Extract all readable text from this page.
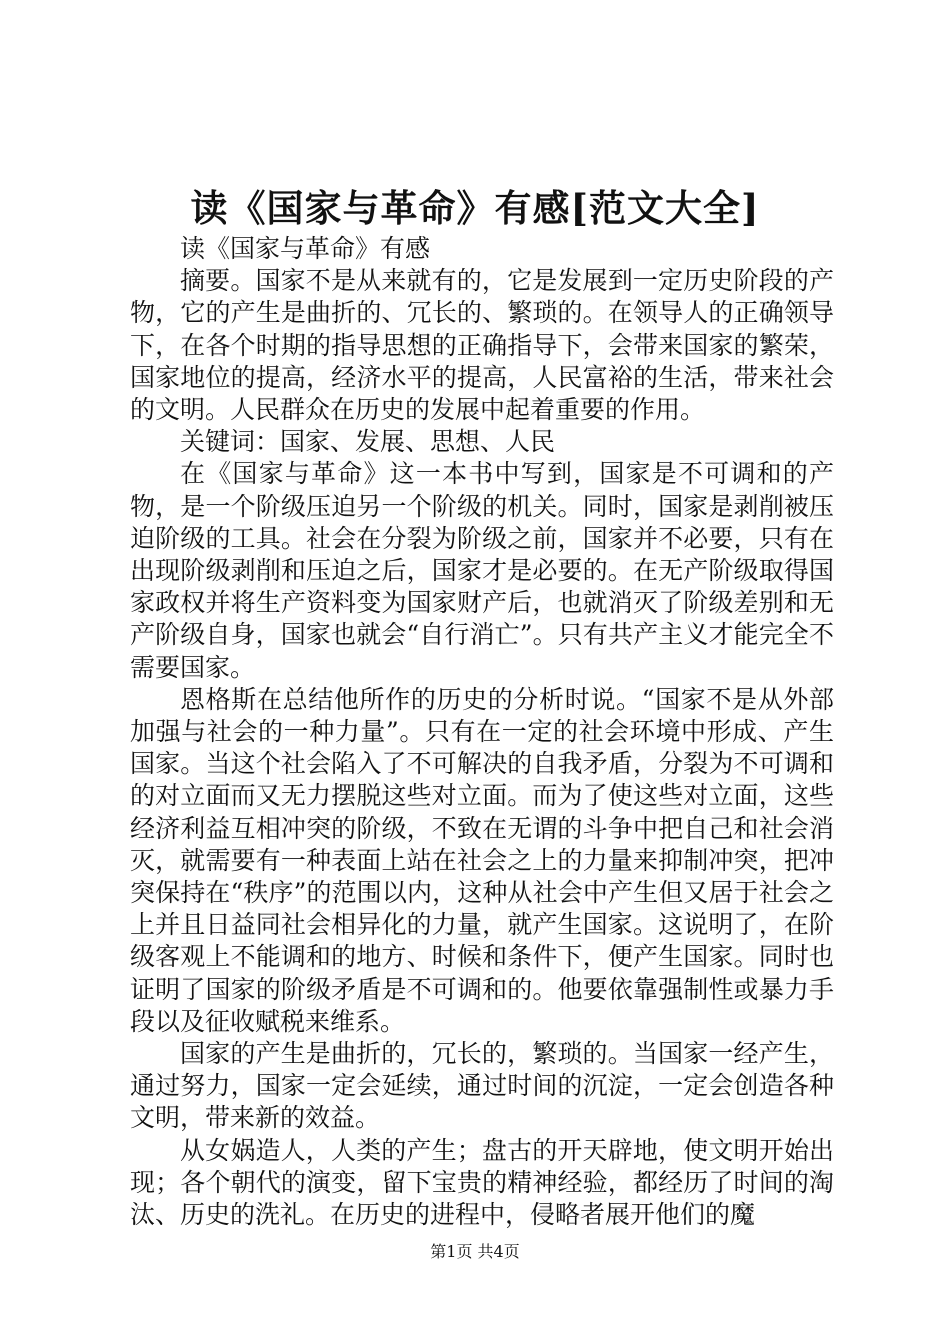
读《国家与革命》有感[范文大全]

读《国家与革命》有感

摘要。国家不是从来就有的，它是发展到一定历史阶段的产物，它的产生是曲折的、冗长的、繁琐的。在领导人的正确领导下，在各个时期的指导思想的正确指导下，会带来国家的繁荣，国家地位的提高，经济水平的提高，人民富裕的生活，带来社会的文明。人民群众在历史的发展中起着重要的作用。

关键词：国家、发展、思想、人民

在《国家与革命》这一本书中写到，国家是不可调和的产物，是一个阶级压迫另一个阶级的机关。同时，国家是剥削被压迫阶级的工具。社会在分裂为阶级之前，国家并不必要，只有在出现阶级剥削和压迫之后，国家才是必要的。在无产阶级取得国家政权并将生产资料变为国家财产后，也就消灭了阶级差别和无产阶级自身，国家也就会“自行消亡”。只有共产主义才能完全不需要国家。

恩格斯在总结他所作的历史的分析时说。“国家不是从外部加强与社会的一种力量”。只有在一定的社会环境中形成、产生国家。当这个社会陷入了不可解决的自我矛盾，分裂为不可调和的对立面而又无力摆脱这些对立面。而为了使这些对立面，这些经济利益互相冲突的阶级，不致在无谓的斗争中把自己和社会消灭，就需要有一种表面上站在社会之上的力量来抑制冲突，把冲突保持在“秩序”的范围以内，这种从社会中产生但又居于社会之上并且日益同社会相异化的力量，就产生国家。这说明了，在阶级客观上不能调和的地方、时候和条件下，便产生国家。同时也证明了国家的阶级矛盾是不可调和的。他要依靠强制性或暴力手段以及征收赋税来维系。

国家的产生是曲折的，冗长的，繁琐的。当国家一经产生，通过努力，国家一定会延续，通过时间的沉淀，一定会创造各种文明，带来新的效益。

从女娲造人，人类的产生；盘古的开天辟地，使文明开始出现；各个朝代的演变，留下宝贵的精神经验，都经历了时间的淘汰、历史的洗礼。在历史的进程中，侵略者展开他们的魔

第1页 共4页
